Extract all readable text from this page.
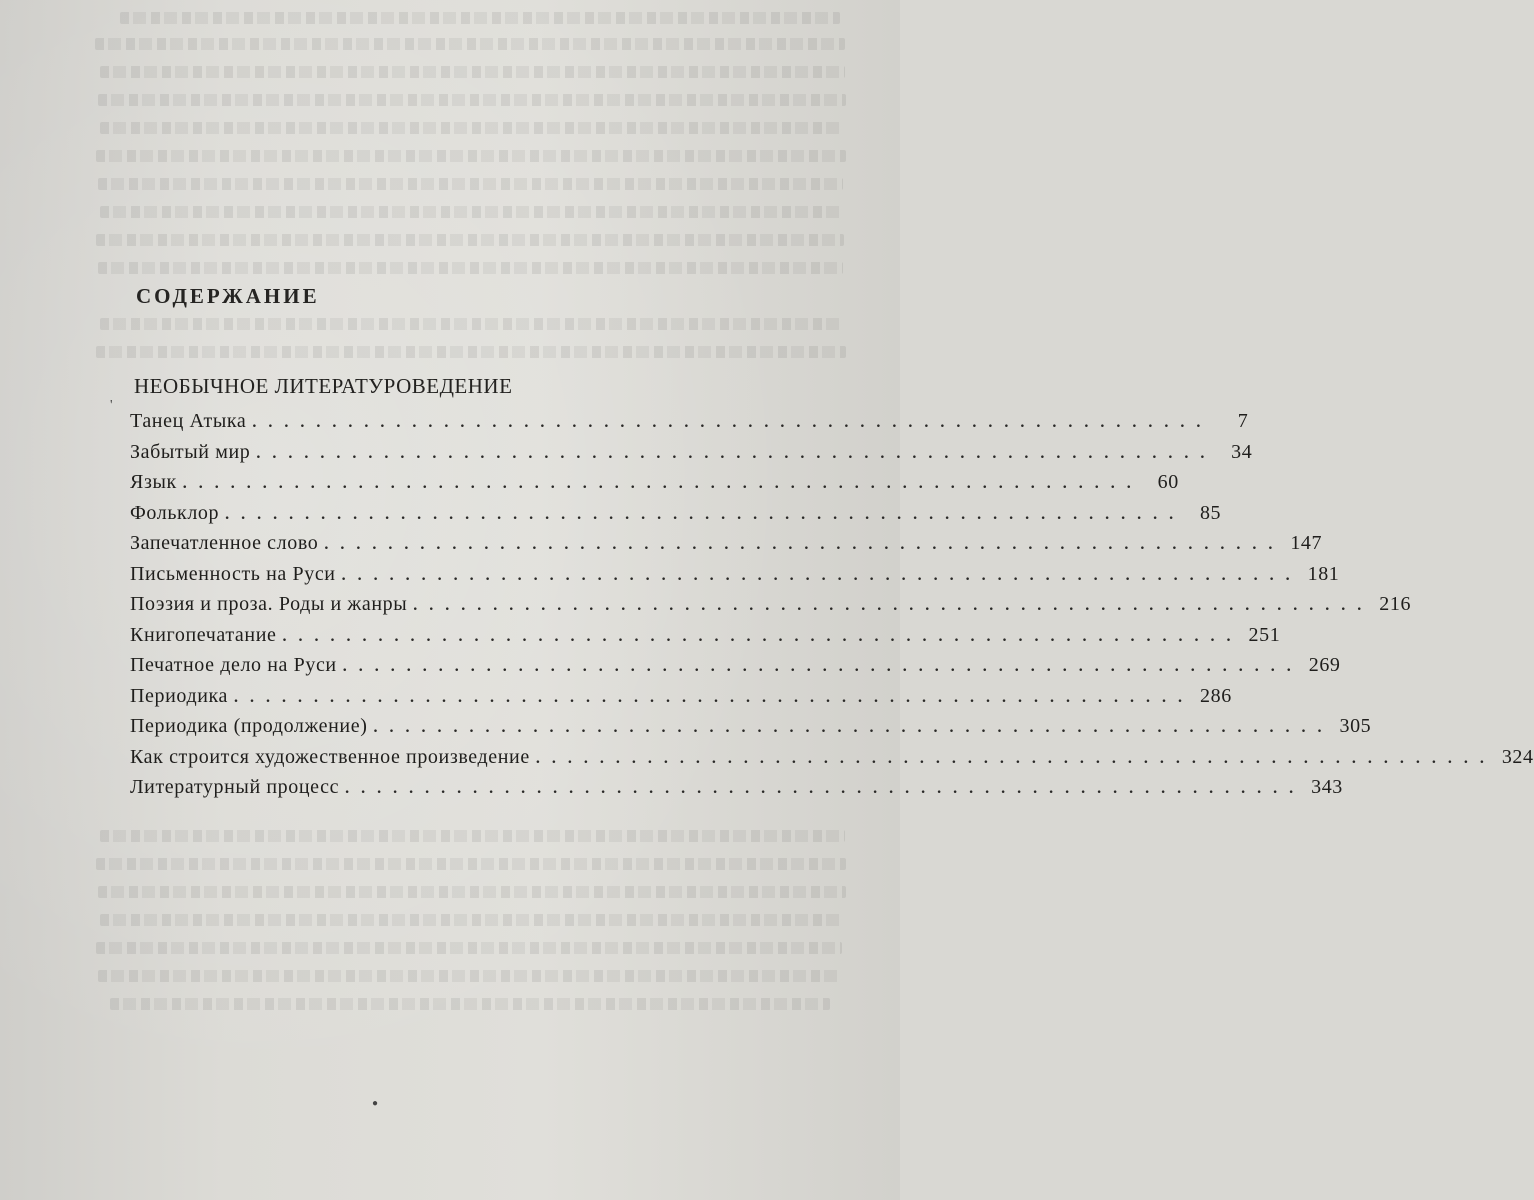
СОДЕРЖАНИЕ
'
НЕОБЫЧНОЕ ЛИТЕРАТУРОВЕДЕНИЕ
Танец Атыка ............................................................	7
Забытый мир ............................................................ 34
Язык ............................................................ 60
Фольклор ............................................................ 85
Запечатленное слово ............................................................ 147
Письменность на Руси ............................................................ 181
Поэзия и проза. Роды и жанры ............................................................ 216
Книгопечатание ............................................................ 251
Печатное дело на Руси ............................................................ 269
Периодика ............................................................ 286
Периодика (продолжение) ............................................................ 305
Как строится художественное произведение ............................................................ 324
Литературный процесс ............................................................ 343
●
